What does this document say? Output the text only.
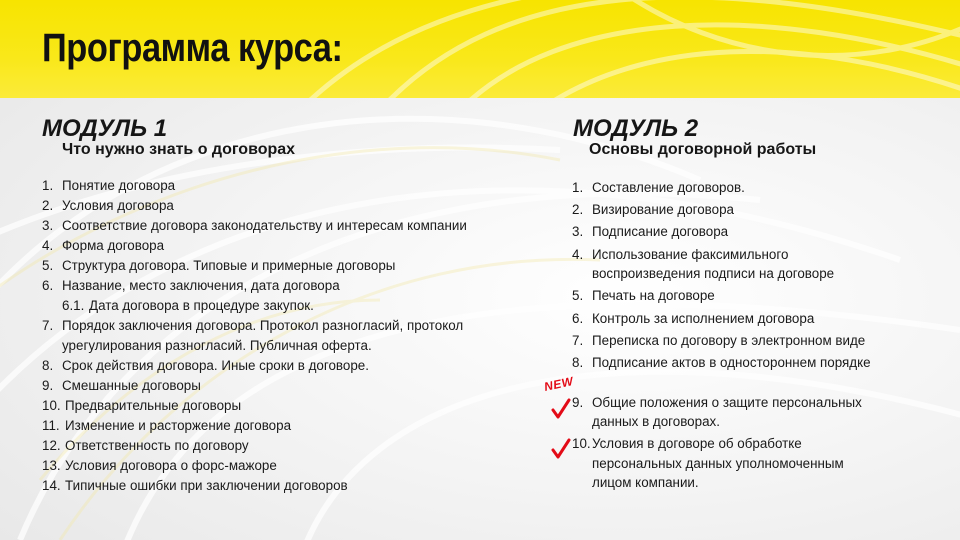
Программа курса:
МОДУЛЬ 1
Что нужно знать о договорах
1. Понятие договора
2. Условия договора
3. Соответствие договора законодательству и интересам компании
4. Форма договора
5. Структура договора. Типовые и примерные договоры
6. Название, место заключения, дата договора
6.1. Дата договора в процедуре закупок.
7. Порядок заключения договора. Протокол разногласий, протокол
урегулирования разногласий. Публичная оферта.
8. Срок действия договора. Иные сроки в договоре.
9. Смешанные договоры
10. Предварительные договоры
11. Изменение и расторжение договора
12. Ответственность по договору
13. Условия договора о форс-мажоре
14. Типичные ошибки при заключении договоров
МОДУЛЬ 2
Основы договорной работы
1. Составление договоров.
2. Визирование договора
3. Подписание договора
4. Использование факсимильного
воспроизведения подписи на договоре
5. Печать на договоре
6. Контроль за исполнением договора
7. Переписка по договору в электронном виде
8. Подписание актов в одностороннем порядке
9. Общие положения о защите персональных
данных в договорах.
10. Условия в договоре об обработке
персональных данных уполномоченным
лицом компании.
NEW
